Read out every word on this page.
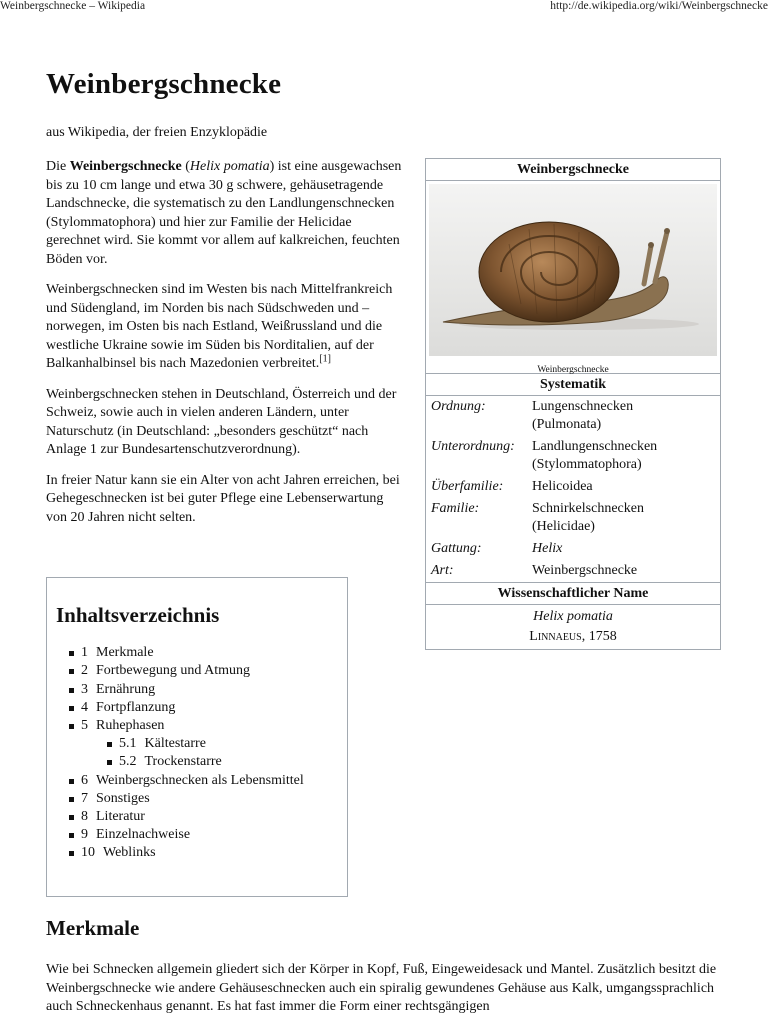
Weinbergschnecke – Wikipedia	http://de.wikipedia.org/wiki/Weinbergschnecke
Weinbergschnecke
aus Wikipedia, der freien Enzyklopädie

Die Weinbergschnecke (Helix pomatia) ist eine ausgewachsen bis zu 10 cm lange und etwa 30 g schwere, gehäusetragende Landschnecke, die systematisch zu den Landlungenschnecken (Stylommatophora) und hier zur Familie der Helicidae gerechnet wird. Sie kommt vor allem auf kalkreichen, feuchten Böden vor.

Weinbergschnecken sind im Westen bis nach Mittelfrankreich und Südengland, im Norden bis nach Südschweden und –norwegen, im Osten bis nach Estland, Weißrussland und die westliche Ukraine sowie im Süden bis Norditalien, auf der Balkanhalbinsel bis nach Mazedonien verbreitet.[1]

Weinbergschnecken stehen in Deutschland, Österreich und der Schweiz, sowie auch in vielen anderen Ländern, unter Naturschutz (in Deutschland: „besonders geschützt“ nach Anlage 1 zur Bundesartenschutzverordnung).

In freier Natur kann sie ein Alter von acht Jahren erreichen, bei Gehegeschnecken ist bei guter Pflege eine Lebenserwartung von 20 Jahren nicht selten.

Weinbergschnecke
Weinbergschnecke
Systematik
Ordnung:	Lungenschnecken
(Pulmonata)
Unterordnung:	Landlungenschnecken
(Stylommatophora)
Überfamilie:	Helicoidea
Familie:	Schnirkelschnecken
(Helicidae)
Gattung:	Helix
Art:	Weinbergschnecke
Wissenschaftlicher Name
Helix pomatia
Linnaeus, 1758
Inhaltsverzeichnis
1 Merkmale
2 Fortbewegung und Atmung
3 Ernährung
4 Fortpflanzung
5 Ruhephasen
5.1 Kältestarre
5.2 Trockenstarre
6 Weinbergschnecken als Lebensmittel
7 Sonstiges
8 Literatur
9 Einzelnachweise
10 Weblinks
Merkmale
Wie bei Schnecken allgemein gliedert sich der Körper in Kopf, Fuß, Eingeweidesack und Mantel. Zusätzlich besitzt die Weinbergschnecke wie andere Gehäuseschnecken auch ein spiralig gewundenes Gehäuse aus Kalk, umgangssprachlich auch Schneckenhaus genannt. Es hat fast immer die Form einer rechtsgängigen
